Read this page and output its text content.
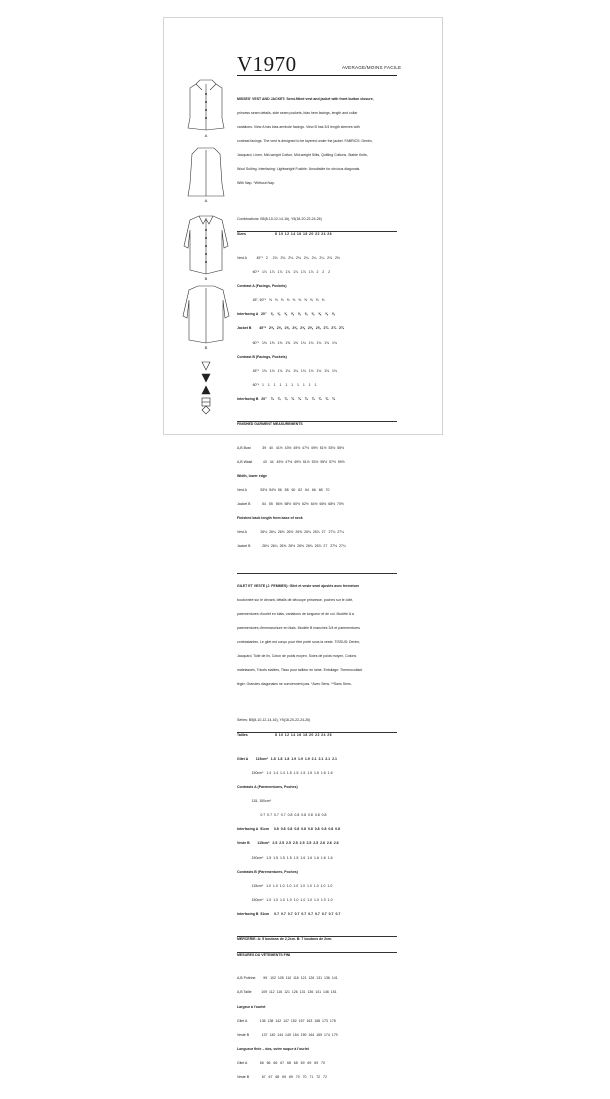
V1970	AVERAGE/MOINS FACILE
A
A
B
B

MISSES' VEST AND JACKET: Semi-fitted vest and jacket with front button closure,

princess seam details, side seam pockets, bias hem facings, length and collar

variations. View A has bias armhole facings. View B has 3/4 length sleeves with

contrast facings. The vest is designed to be layered under the jacket. FABRICS: Denim,

Jacquard, Linen, Mid-weight Cotton, Mid-weight Silks, Quilting Cottons, Stable Knits,

Wool Suiting. Interfacing: Lightweight Fusible. Unsuitable for obvious diagonals.

With Nap. *Without Nap.

Combinations: B5(8-10-12-14-16), Y5(18-20-22-24-26)

Sizes	8 10 12 14 16 18 20 22 24 26

Vest A          45"*   2     2⅛   2⅛   2⅛   2⅛   2¼   2¼   2¼   2⅜   2⅜

60"*   1⅞   1⅞   1⅞   1⅞   1⅞   1⅞   1⅞   2    2    2

Contrast A (Facings, Pockets)

45", 60"*   ⅝   ⅝   ⅝   ⅝   ⅝   ⅝   ⅝   ⅝   ⅝   ⅝

Interfacing A   20"    ⅝    ⅝    ⅝    ⅝    ⅝    ⅝    ⅝    ⅝    ⅝    ⅝

Jacket B        45"*   2⅝   2⅝   2⅝   2⅝   2⅝   2⅝   2⅝   2¾   2¾   2¾

60"*   1⅝   1⅝   1⅝   1⅝   1⅝   1¾   1¾   1¾   1¾   1¾

Contrast B (Facings, Pockets)

45"*   1⅛   1⅛   1⅛   1⅛   1⅛   1⅛   1⅛   1⅛   1⅛   1⅛

60"*   1    1    1    1    1    1    1    1    1    1

Interfacing B   20"    ¾    ¾    ¾    ¾    ¾    ¾    ¾    ¾    ¾    ¾

FINISHED GARMENT MEASUREMENTS

A,B Bust            39   40   41½  43½  45½  47½  49½  51½  53½  55½

A,B Waist           43   44   45½  47½  49½  51½  53½  55½  57½  59½

Width, lower edge

Vest A              53½  54½  56   58   60   62   64   66   68   70

Jacket B            54   55   56½  58½  60½  62½  64½  66½  68½  70½

Finished back length from base of neck

Vest A              26⅛  26¼  26⅜  26½  26⅝  26¾  26⅞  27   27⅛  27¼

Jacket B            26⅛  26¼  26⅜  26½  26⅝  26¾  26⅞  27   27⅛  27¼

GILET ET VESTE (J. FEMMES): Gilet et veste semi ajustés avec fermeture

boutonnée sur le devant, détails de découpe princesse, poches sur le côté,

parementures d'ourlet en biais, variations de longueur et de col. Modèle A a

parementures d'emmanchure en biais. Modèle B manches 3/4 et parementures

contrastantes. Le gilet est conçu pour être porté sous la veste. TISSUS: Denim,

Jacquard, Toile de lin, Coton de poids moyen, Soies de poids moyen, Cotons

matelassés, Tricots stables, Tissu pour tailleur en laine. Entoilage: Thermocollant

léger. Grandes diagonales ne conviennent pas. *Avec Sens. **Sans Sens.

Séries: B5(8-10-12-14-16), Y5(18-20-22-24-26)

Tailles	8 10 12 14 16 18 20 22 24 26

Gilet A        115cm*   1.8  1.8  1.8  1.9  1.9  1.9  2.1  2.1  2.1  2.1

150cm*   1.4  1.4  1.4  1.5  1.5  1.5  1.5  1.6  1.6  1.6

Contrasts A (Parementures, Poches)

115, 150cm*

0.7  0.7  0.7  0.7  0.8  0.8  0.8  0.8  0.8  0.8

Interfacing A  51cm     0.8  0.8  0.8  0.8  0.8  0.8  0.8  0.8  0.8  0.8

Veste B        115cm*   2.5  2.5  2.5  2.5  2.5  2.5  2.5  2.6  2.6  2.6

150cm*   1.5  1.5  1.5  1.5  1.5  1.6  1.6  1.6  1.6  1.6

Contrasts B (Parementures, Poches)

115cm*   1.0  1.0  1.0  1.0  1.0  1.0  1.0  1.0  1.0  1.0

150cm*   1.0  1.0  1.0  1.0  1.0  1.0  1.0  1.0  1.0  1.0

Interfacing B  51cm     0.7  0.7  0.7  0.7  0.7  0.7  0.7  0.7  0.7  0.7

MERCERIE: A: 5 boutons de 2,2cm. B: 7 boutons de 2cm.

MESURES DU VÊTEMENTS FINI

A,B Poitrine        99   102  105  110  116  121  126  131  136  141

A,B Taille          109  112  116  121  126  131  136  141  146  151

Largeur à l'ourlet

Gilet A             136  138  142  147  152  157  163  168  173  178

Veste B             137  140  144  149  154  159  164  169  174  179

Longueur finie – dos, votre nuque à l'ourlet

Gilet A             66   66   66   67   68   68   69   69   69   70

Veste B             67   67   68   69   69   70   70   71   72   72
